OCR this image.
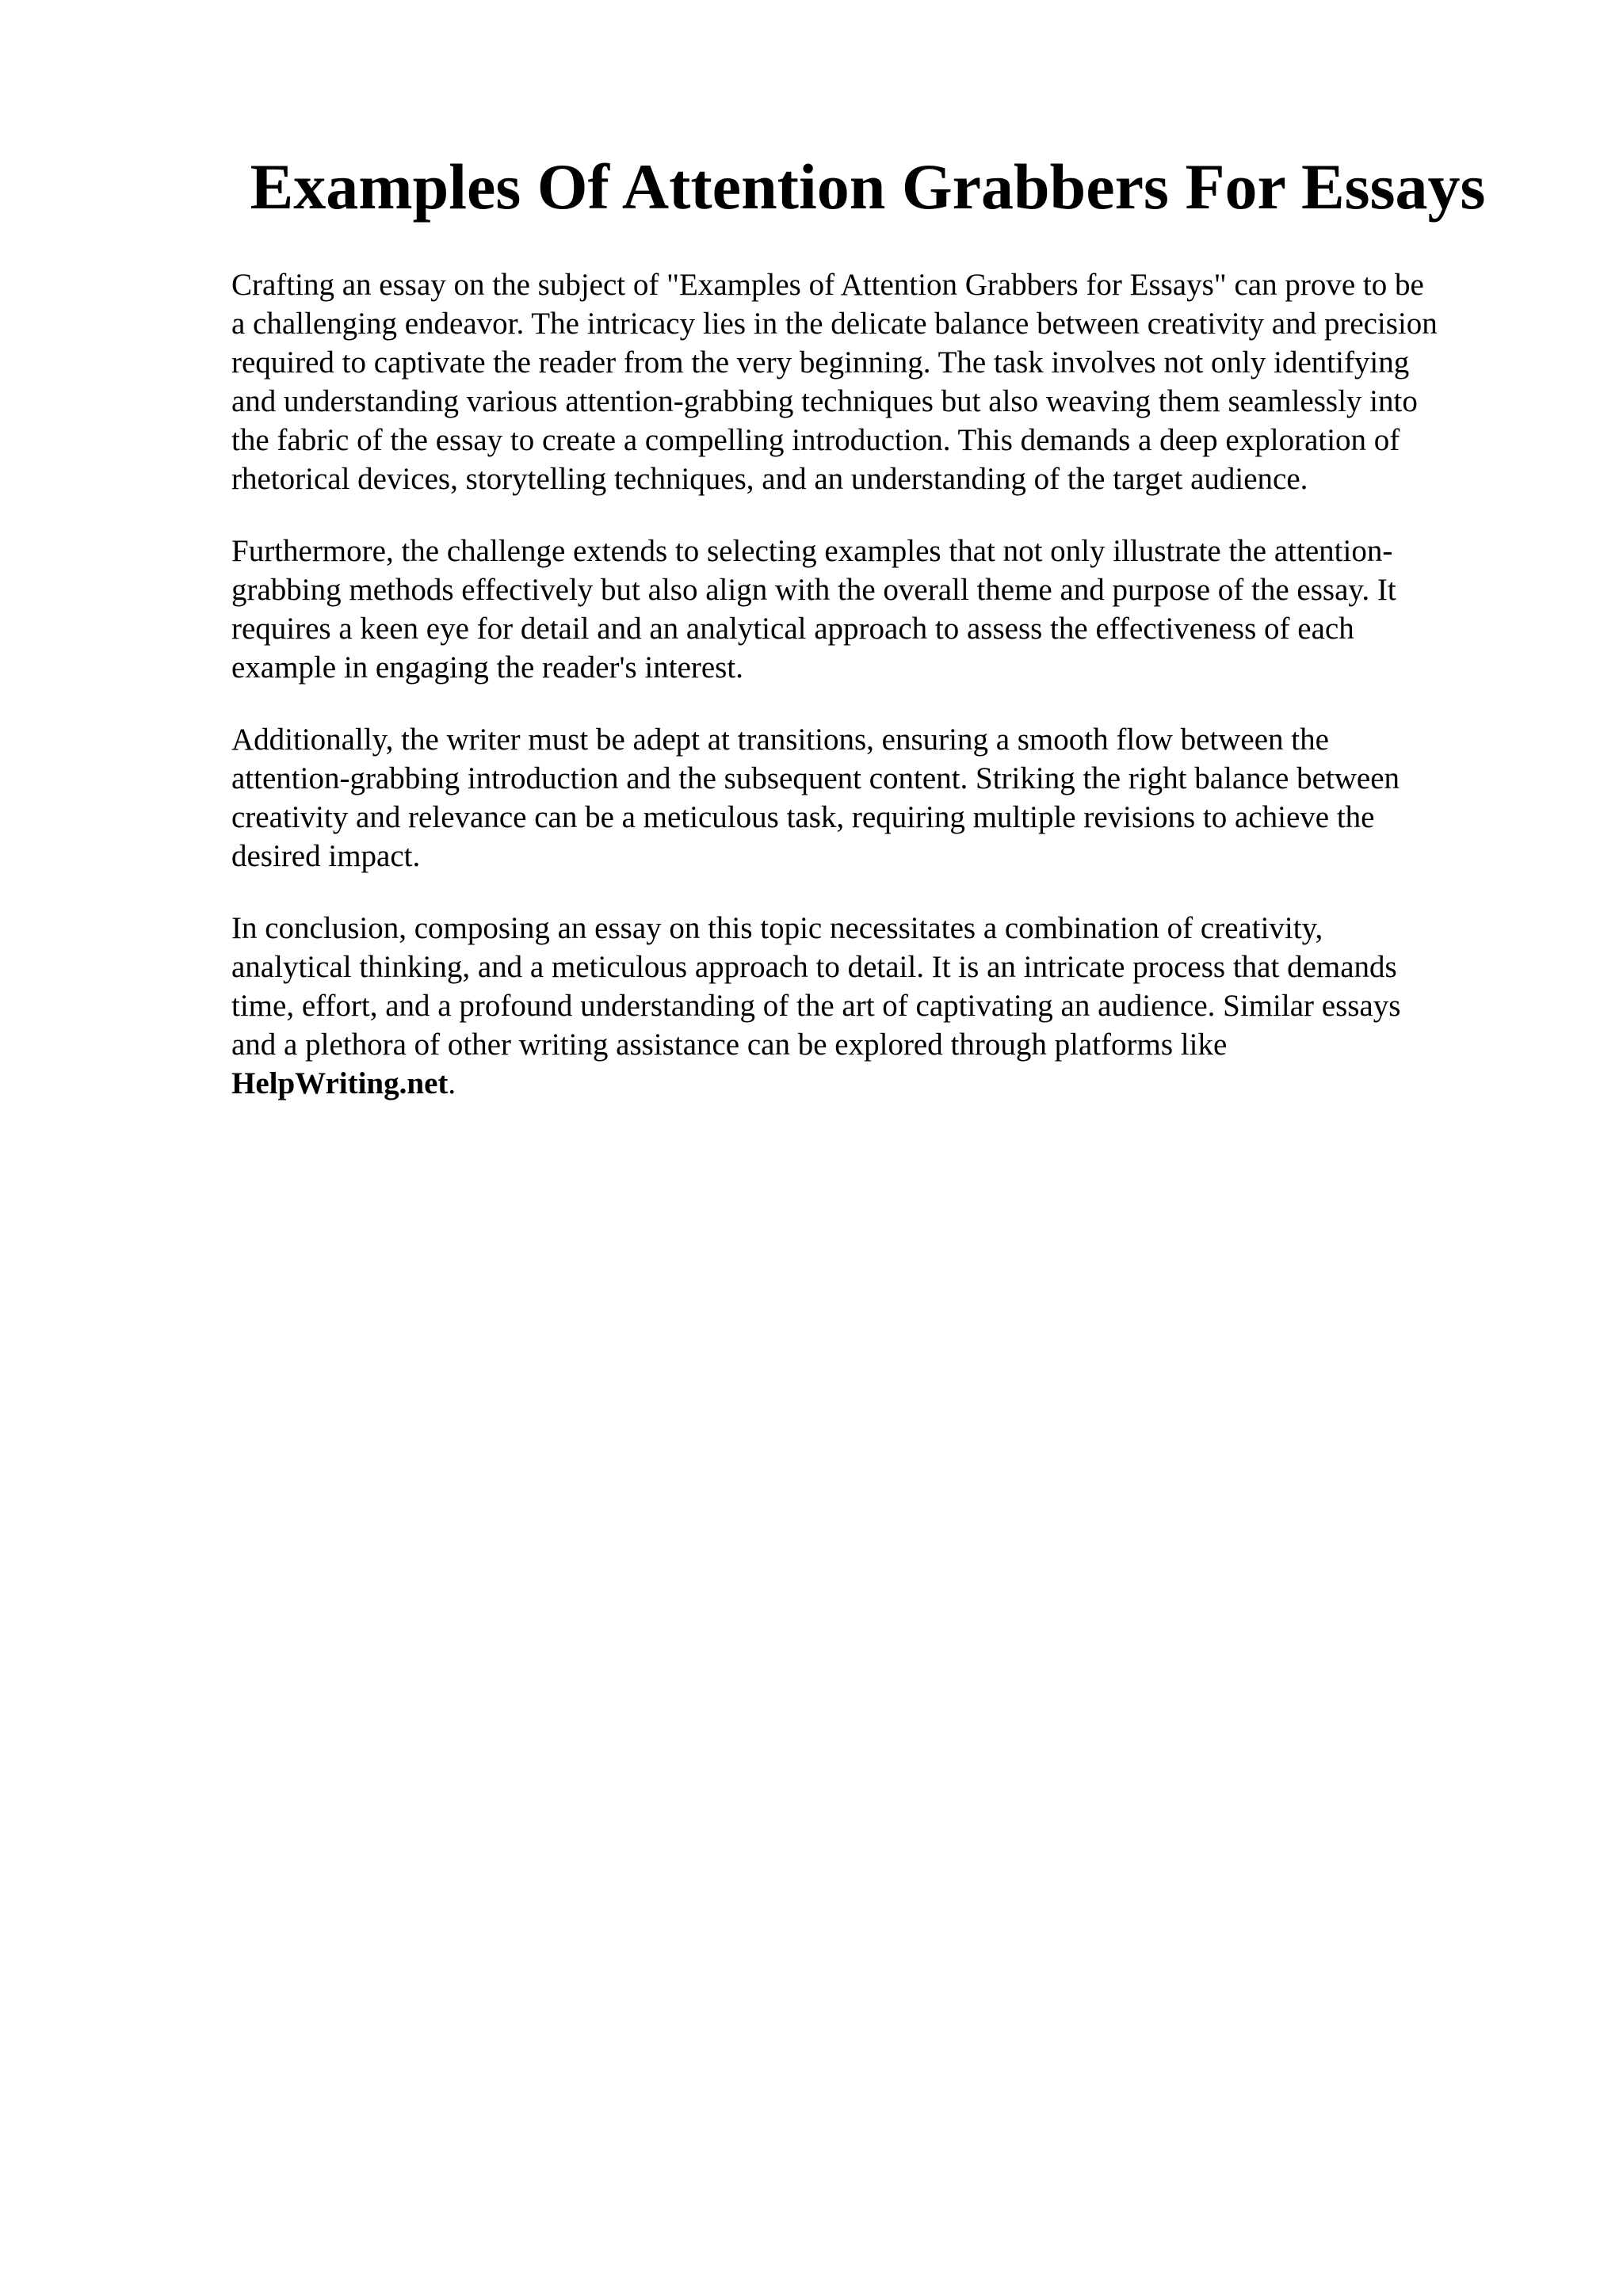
Examples Of Attention Grabbers For Essays

Crafting an essay on the subject of "Examples of Attention Grabbers for Essays" can prove to be
a challenging endeavor. The intricacy lies in the delicate balance between creativity and precision
required to captivate the reader from the very beginning. The task involves not only identifying
and understanding various attention-grabbing techniques but also weaving them seamlessly into
the fabric of the essay to create a compelling introduction. This demands a deep exploration of
rhetorical devices, storytelling techniques, and an understanding of the target audience.

Furthermore, the challenge extends to selecting examples that not only illustrate the attention-
grabbing methods effectively but also align with the overall theme and purpose of the essay. It
requires a keen eye for detail and an analytical approach to assess the effectiveness of each
example in engaging the reader's interest.

Additionally, the writer must be adept at transitions, ensuring a smooth flow between the
attention-grabbing introduction and the subsequent content. Striking the right balance between
creativity and relevance can be a meticulous task, requiring multiple revisions to achieve the
desired impact.

In conclusion, composing an essay on this topic necessitates a combination of creativity,
analytical thinking, and a meticulous approach to detail. It is an intricate process that demands
time, effort, and a profound understanding of the art of captivating an audience. Similar essays
and a plethora of other writing assistance can be explored through platforms like
HelpWriting.net.
